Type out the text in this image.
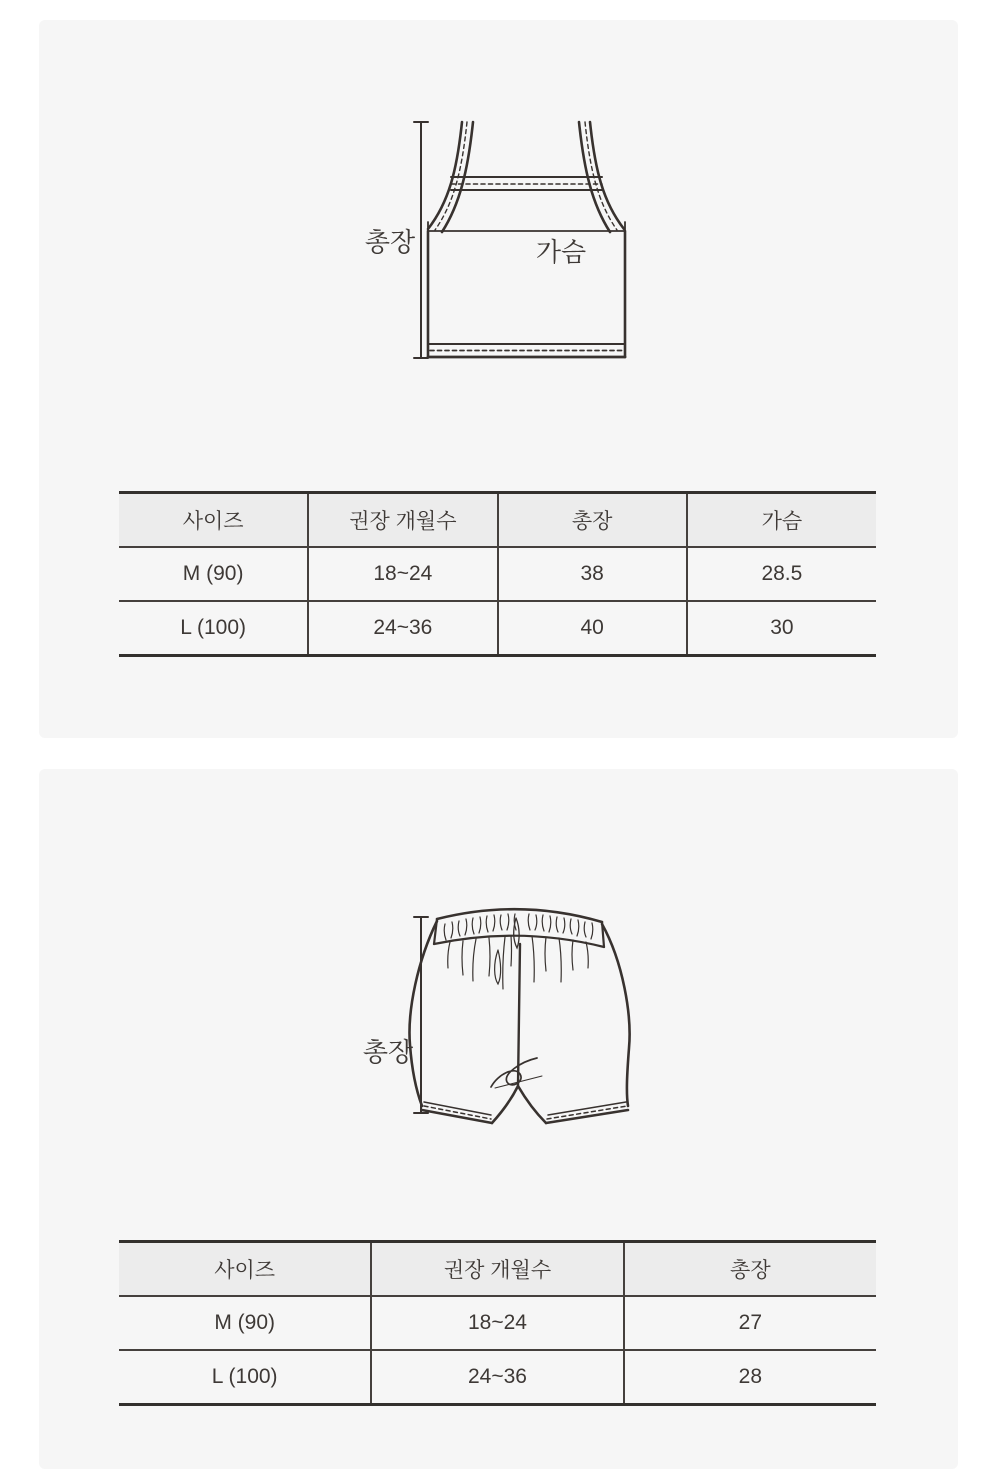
총장	가슴
사이즈	권장 개월수	총장	가슴
M (90)	18~24	38	28.5
L (100)	24~36	40	30
총장
사이즈	권장 개월수	총장
M (90)	18~24	27
L (100)	24~36	28
